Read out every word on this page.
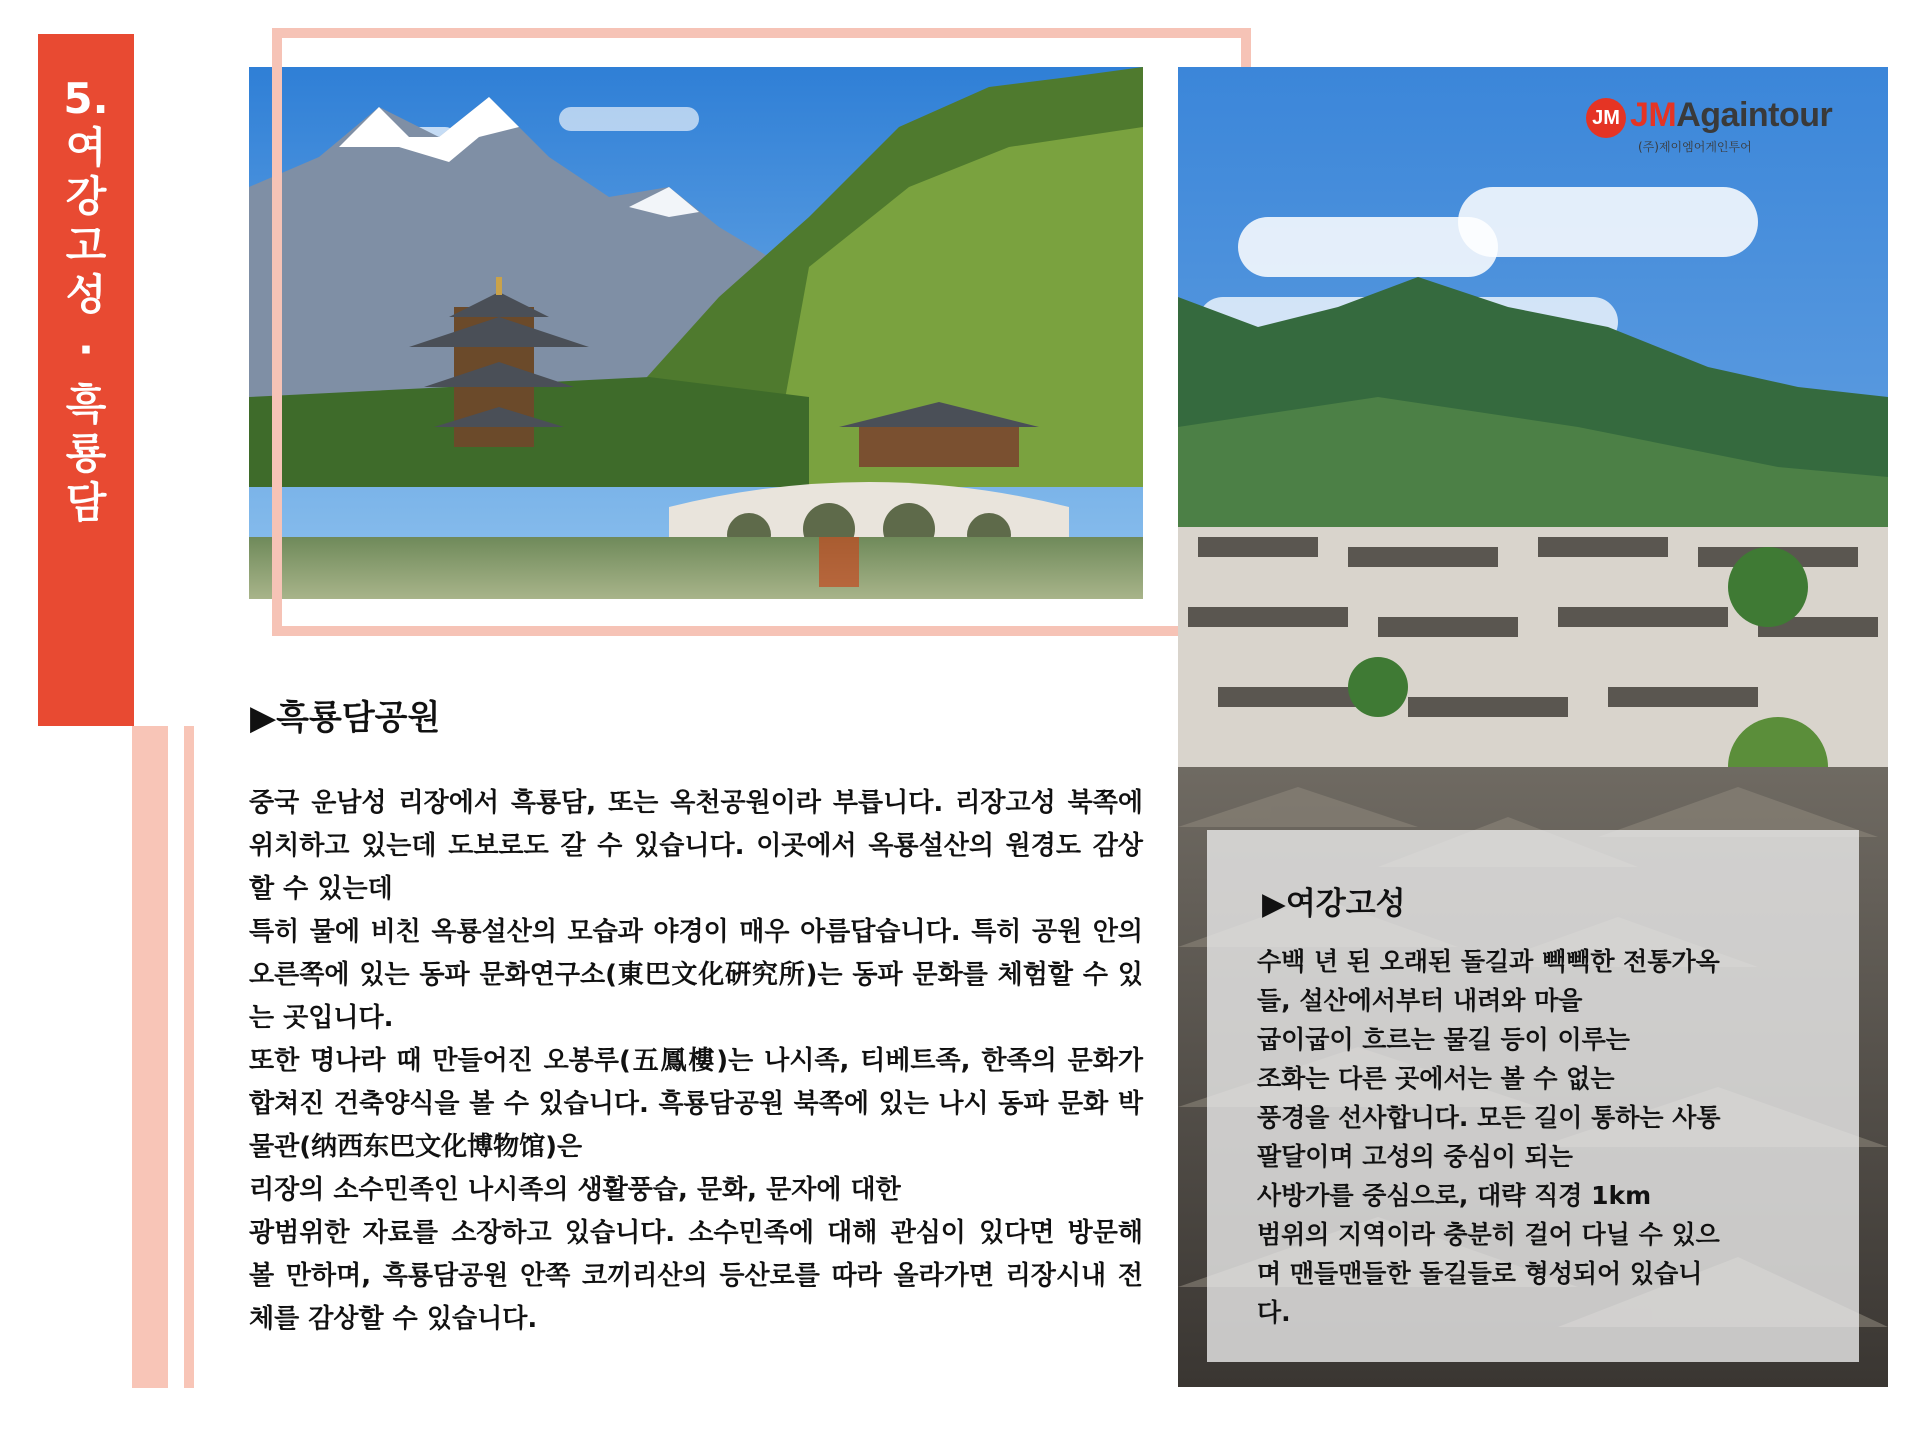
5.
여
강
고
성
·
흑
룡
담
JM JMAgaintour
(주)제이엠어게인투어
▶흑룡담공원

중국 운남성 리장에서 흑룡담, 또는 옥천공원이라 부릅니다. 리장고성 북쪽에 위치하고 있는데 도보로도 갈 수 있습니다. 이곳에서 옥룡설산의 원경도 감상할 수 있는데

특히 물에 비친 옥룡설산의 모습과 야경이 매우 아름답습니다. 특히 공원 안의 오른쪽에 있는 동파 문화연구소(東巴文化硏究所)는 동파 문화를 체험할 수 있는 곳입니다.

또한 명나라 때 만들어진 오봉루(五鳳樓)는 나시족, 티베트족, 한족의 문화가 합쳐진 건축양식을 볼 수 있습니다. 흑룡담공원 북쪽에 있는 나시 동파 문화 박물관(纳西东巴文化博物馆)은

리장의 소수민족인 나시족의 생활풍습, 문화, 문자에 대한

광범위한 자료를 소장하고 있습니다. 소수민족에 대해 관심이 있다면 방문해 볼 만하며, 흑룡담공원 안쪽 코끼리산의 등산로를 따라 올라가면 리장시내 전체를 감상할 수 있습니다.

▶여강고성

수백 년 된 오래된 돌길과 빽빽한 전통가옥

들, 설산에서부터 내려와 마을

굽이굽이 흐르는 물길 등이 이루는

조화는 다른 곳에서는 볼 수 없는

풍경을 선사합니다. 모든 길이 통하는 사통

팔달이며 고성의 중심이 되는

사방가를 중심으로, 대략 직경 1km

범위의 지역이라 충분히 걸어 다닐 수 있으

며 맨들맨들한 돌길들로 형성되어 있습니

다.
